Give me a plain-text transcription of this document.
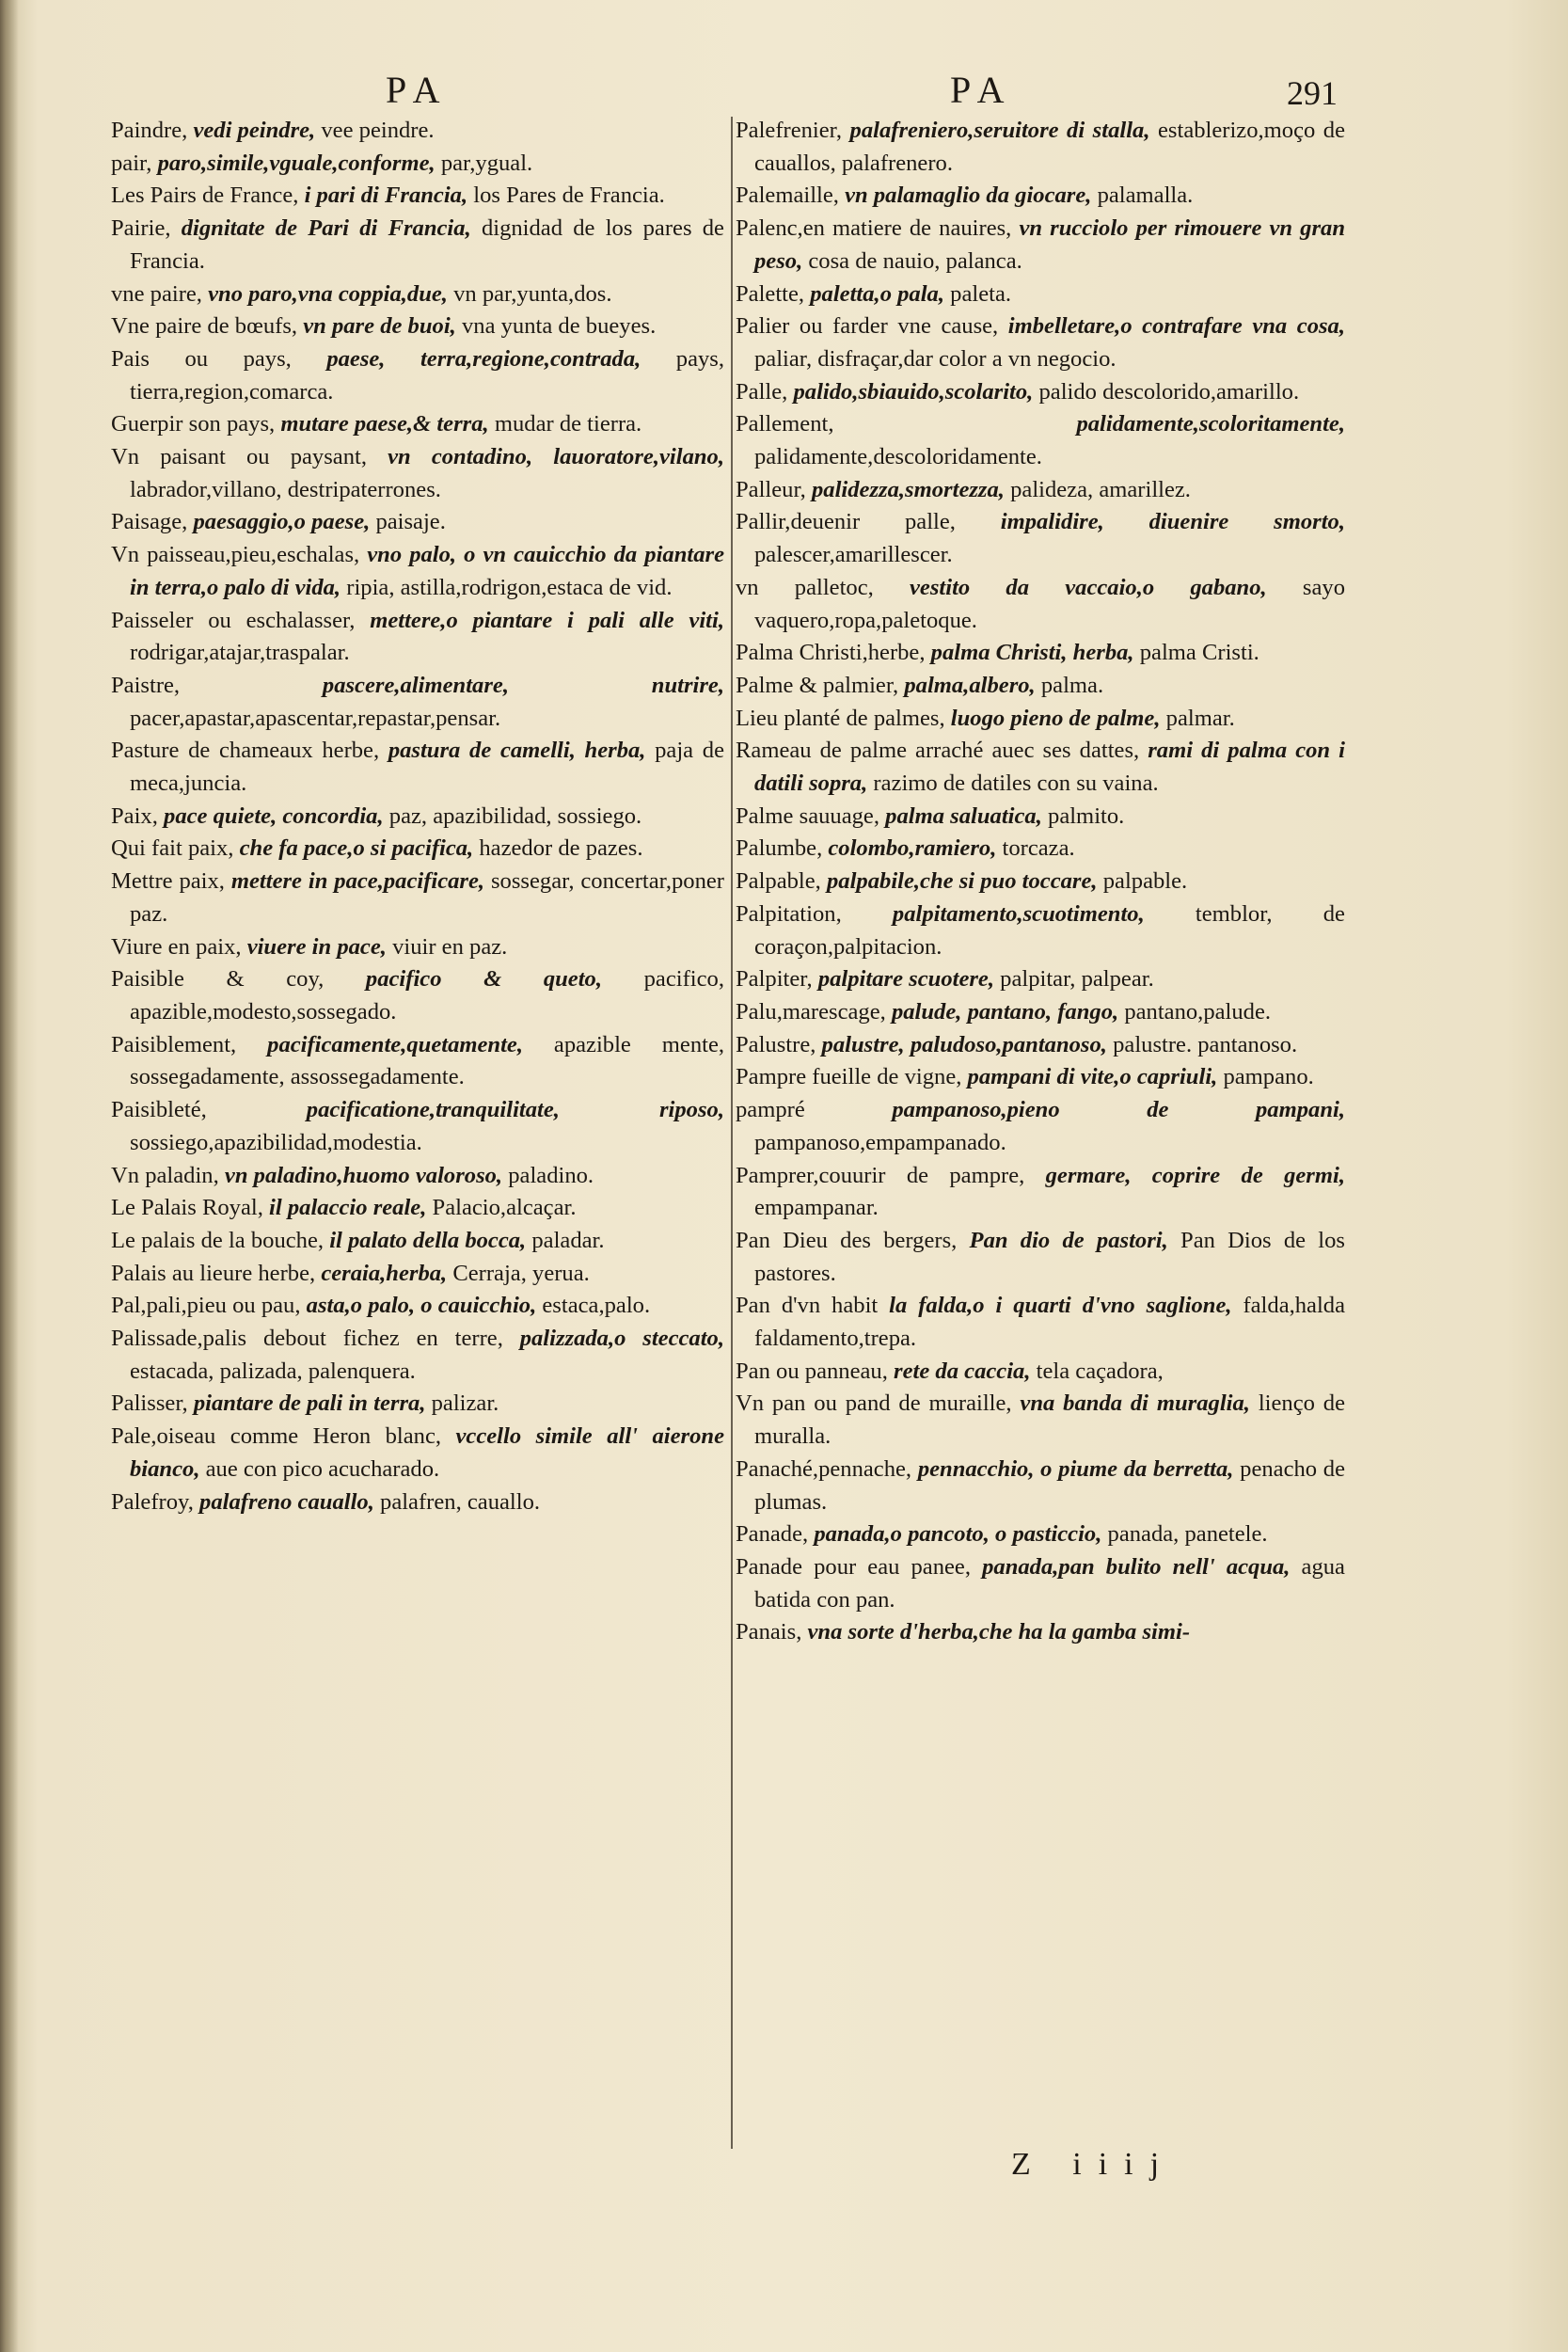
PA	PA	291
Paindre, vedi peindre, vee peindre.
pair, paro,simile,vguale,conforme, par,ygual.
Les Pairs de France, i pari di Francia, los Pares de Francia.
Pairie, dignitate de Pari di Francia, dignidad de los pares de Francia.
vne paire, vno paro,vna coppia,due, vn par,yunta,dos.
Vne paire de bœufs, vn pare de buoi, vna yunta de bueyes.
Pais ou pays, paese, terra,regione,contrada, pays, tierra,region,comarca.
Guerpir son pays, mutare paese,& terra, mudar de tierra.
Vn paisant ou paysant, vn contadino, lauoratore,vilano, labrador,villano, destripaterrones.
Paisage, paesaggio,o paese, paisaje.
Vn paisseau,pieu,eschalas, vno palo, o vn cauicchio da piantare in terra,o palo di vida, ripia, astilla,rodrigon,estaca de vid.
Paisseler ou eschalasser, mettere,o piantare i pali alle viti, rodrigar,atajar,traspalar.
Paistre,	pascere,alimentare, nutrire, pacer,apastar,apascentar,repastar,pensar.
Pasture de chameaux herbe, pastura de camelli, herba, paja de meca,juncia.
Paix, pace quiete, concordia, paz, apazibilidad, sossiego.
Qui fait paix, che fa pace,o si pacifica, hazedor de pazes.
Mettre paix, mettere in pace,pacificare, sossegar, concertar,poner paz.
Viure en paix, viuere in pace, viuir en paz.
Paisible & coy, pacifico & queto, pacifico, apazible,modesto,sossegado.
Paisiblement, pacificamente,quetamente, apazible mente, sossegadamente, assossegadamente.
Paisibleté,	pacificatione,tranquilitate, riposo, sossiego,apazibilidad,modestia.
Vn paladin, vn paladino,huomo valoroso, paladino.
Le Palais Royal, il palaccio reale, Palacio,alcaçar.
Le palais de la bouche, il palato della bocca, paladar.
Palais au lieure herbe, ceraia,herba, Cerraja, yerua.
Pal,pali,pieu ou pau, asta,o palo, o cauicchio, estaca,palo.
Palissade,palis debout fichez en terre, palizzada,o steccato, estacada, palizada, palenquera.
Palisser, piantare de pali in terra, palizar.
Pale,oiseau comme Heron blanc, vccello simile all' aierone bianco, aue con pico acucharado.
Palefroy, palafreno cauallo, palafren, cauallo.
Palefrenier, palafreniero,seruitore di stalla, establerizo,moço de cauallos, palafrenero.
Palemaille, vn palamaglio da giocare, palamalla.
Palenc,en matiere de nauires, vn rucciolo per rimouere vn gran peso, cosa de nauio, palanca.
Palette, paletta,o pala, paleta.
Palier ou farder vne cause, imbelletare,o contrafare vna cosa, paliar, disfraçar,dar color a vn negocio.
Palle, palido,sbiauido,scolarito, palido descolorido,amarillo.
Pallement,	palidamente,scoloritamente, palidamente,descoloridamente.
Palleur, palidezza,smortezza, palideza, amarillez.
Pallir,deuenir palle, impalidire, diuenire smorto, palescer,amarillescer.
vn palletoc, vestito da vaccaio,o gabano, sayo vaquero,ropa,paletoque.
Palma Christi,herbe, palma Christi, herba, palma Cristi.
Palme & palmier, palma,albero, palma.
Lieu planté de palmes, luogo pieno de palme, palmar.
Rameau de palme arraché auec ses dattes, rami di palma con i datili sopra, razimo de datiles con su vaina.
Palme sauuage, palma saluatica, palmito.
Palumbe, colombo,ramiero, torcaza.
Palpable, palpabile,che si puo toccare, palpable.
Palpitation, palpitamento,scuotimento, temblor, de coraçon,palpitacion.
Palpiter, palpitare scuotere, palpitar, palpear.
Palu,marescage, palude, pantano, fango, pantano,palude.
Palustre, palustre, paludoso,pantanoso, palustre. pantanoso.
Pampre fueille de vigne, pampani di vite,o capriuli, pampano.
pampré	pampanoso,pieno de pampani, pampanoso,empampanado.
Pamprer,couurir de pampre, germare, coprire de germi, empampanar.
Pan Dieu des bergers, Pan dio de pastori, Pan Dios de los pastores.
Pan d'vn habit la falda,o i quarti d'vno saglione, falda,halda faldamento,trepa.
Pan ou panneau, rete da caccia, tela caçadora,
Vn pan ou pand de muraille, vna banda di muraglia, lienço de muralla.
Panaché,pennache, pennacchio, o piume da berretta, penacho de plumas.
Panade, panada,o pancoto, o pasticcio, panada, panetele.
Panade pour eau panee, panada,pan bulito nell' acqua, agua batida con pan.
Panais, vna sorte d'herba,che ha la gamba simi-
Z iiij
